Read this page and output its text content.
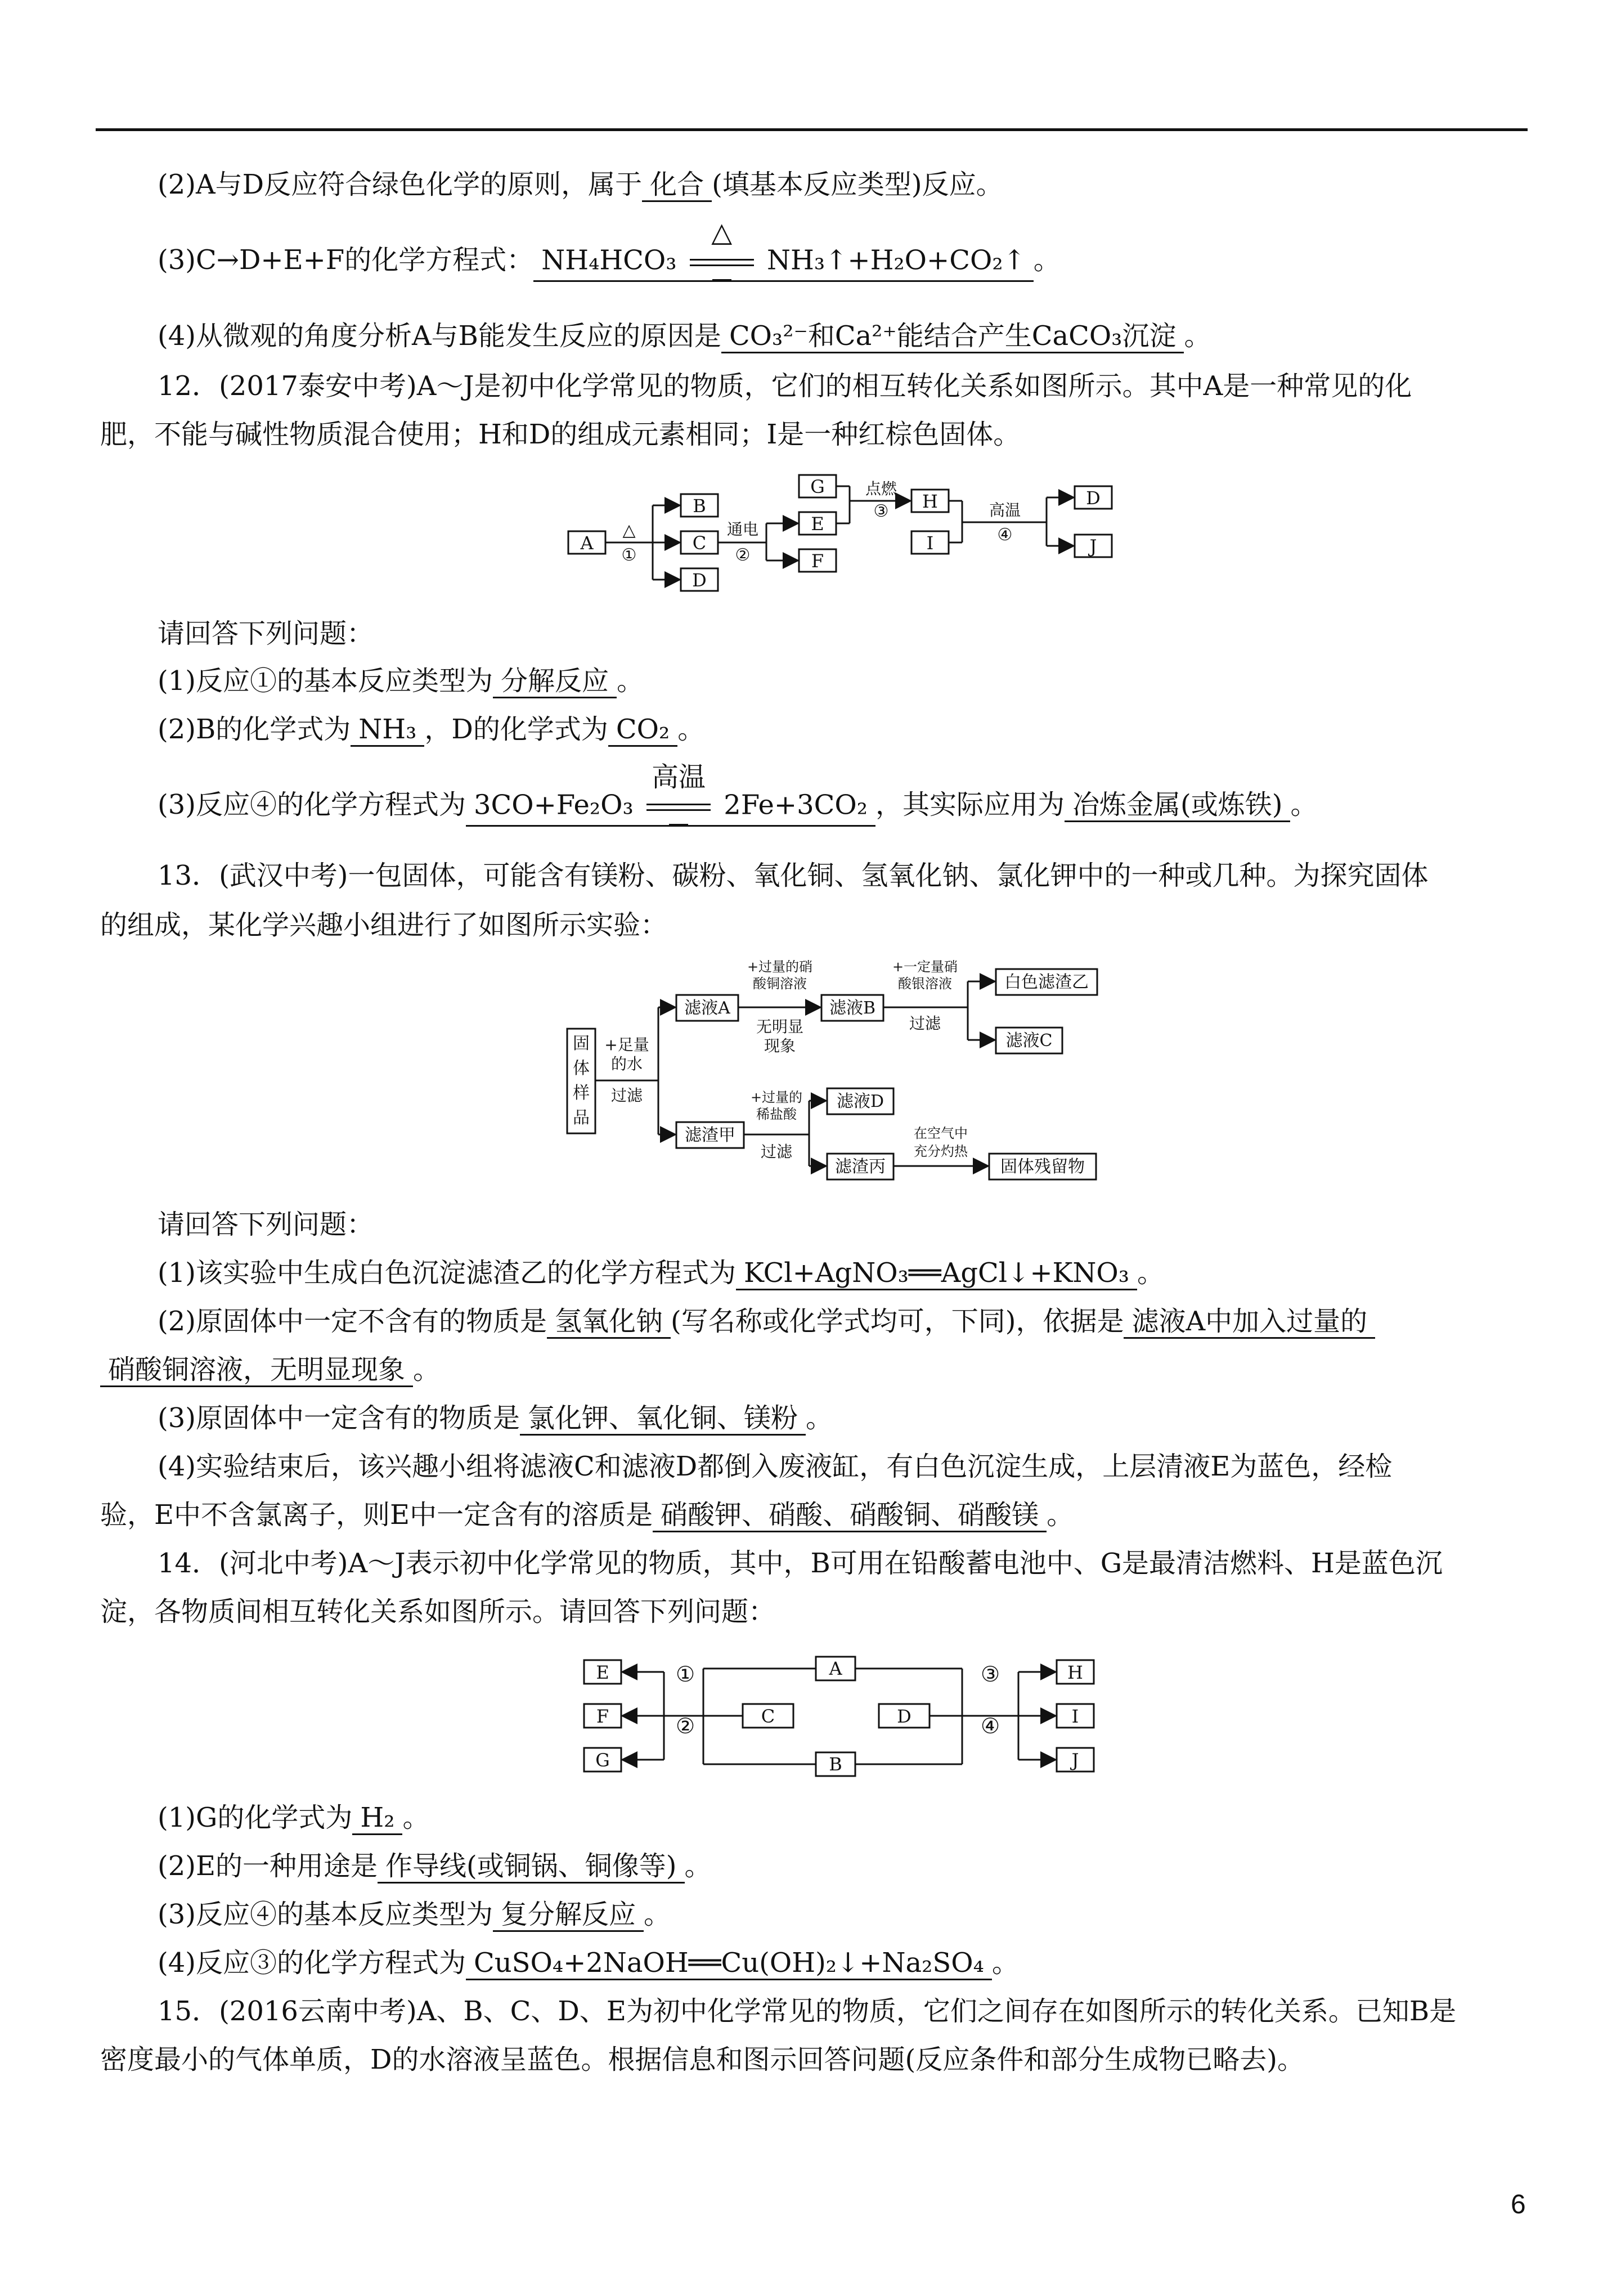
(2)A与D反应符合绿色化学的原则，属于 化合 (填基本反应类型)反应。
(3)C→D+E+F的化学方程式： NH₄HCO₃
△
NH₃↑+H₂O+CO₂↑ 。
(4)从微观的角度分析A与B能发生反应的原因是 CO₃²⁻和Ca²⁺能结合产生CaCO₃沉淀 。
12．(2017泰安中考)A～J是初中化学常见的物质，它们的相互转化关系如图所示。其中A是一种常见的化
肥，不能与碱性物质混合使用；H和D的组成元素相同；I是一种红棕色固体。
A
B
C
D
G
E
F
H
I
D
J
△
①
通电
②
点燃
③	高温
④
请回答下列问题：
(1)反应①的基本反应类型为 分解反应 。
(2)B的化学式为 NH₃ ，D的化学式为 CO₂ 。
(3)反应④的化学方程式为 3CO+Fe₂O₃
高温
2Fe+3CO₂ ，其实际应用为 冶炼金属(或炼铁) 。
13．(武汉中考)一包固体，可能含有镁粉、碳粉、氧化铜、氢氧化钠、氯化钾中的一种或几种。为探究固体
的组成，某化学兴趣小组进行了如图所示实验：
固
体
样
品
+足量
的水
过滤
滤液A
+过量的硝
酸铜溶液
无明显
现象
滤液B
+一定量硝
酸银溶液
过滤
白色滤渣乙
滤液C
滤渣甲
+过量的
稀盐酸
过滤
滤液D
滤渣丙
在空气中
充分灼热
固体残留物
请回答下列问题：
(1)该实验中生成白色沉淀滤渣乙的化学方程式为 KCl+AgNO₃══AgCl↓+KNO₃ 。
(2)原固体中一定不含有的物质是 氢氧化钠 (写名称或化学式均可，下同)，依据是 滤液A中加入过量的
硝酸铜溶液，无明显现象 。
(3)原固体中一定含有的物质是 氯化钾、氧化铜、镁粉 。
(4)实验结束后，该兴趣小组将滤液C和滤液D都倒入废液缸，有白色沉淀生成，上层清液E为蓝色，经检
验，E中不含氯离子，则E中一定含有的溶质是 硝酸钾、硝酸、硝酸铜、硝酸镁 。
14．(河北中考)A～J表示初中化学常见的物质，其中，B可用在铅酸蓄电池中、G是最清洁燃料、H是蓝色沉
淀，各物质间相互转化关系如图所示。请回答下列问题：
E
F
G
A
C	D
B
H
I
J
①
②
③
④
(1)G的化学式为 H₂ 。
(2)E的一种用途是 作导线(或铜锅、铜像等) 。
(3)反应④的基本反应类型为 复分解反应 。
(4)反应③的化学方程式为 CuSO₄+2NaOH══Cu(OH)₂↓+Na₂SO₄ 。
15．(2016云南中考)A、B、C、D、E为初中化学常见的物质，它们之间存在如图所示的转化关系。已知B是
密度最小的气体单质，D的水溶液呈蓝色。根据信息和图示回答问题(反应条件和部分生成物已略去)。
6
